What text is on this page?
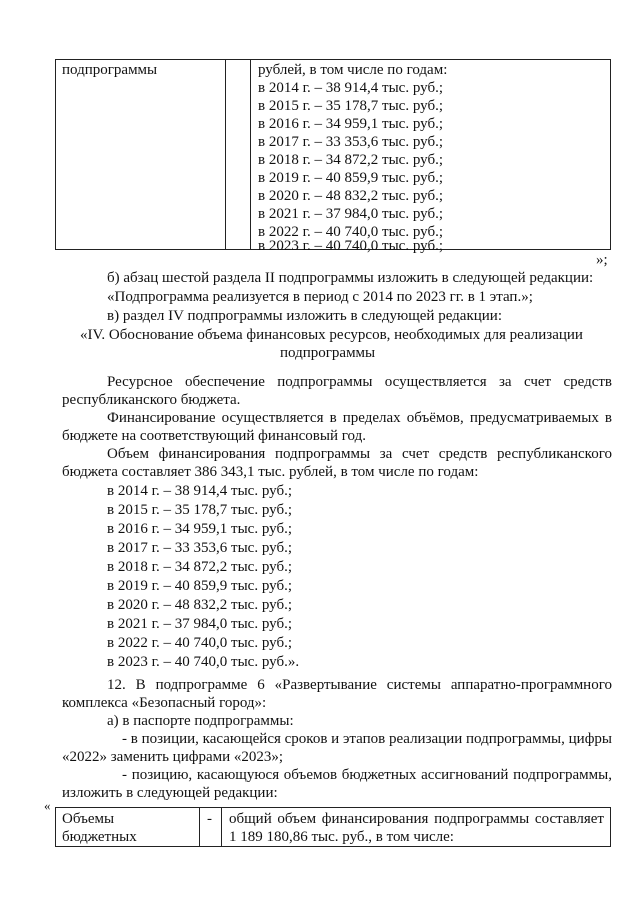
подпрограммы	рублей, в том числе по годам:
в 2014 г. – 38 914,4 тыс. руб.;
в 2015 г. – 35 178,7 тыс. руб.;
в 2016 г. – 34 959,1 тыс. руб.;
в 2017 г. – 33 353,6 тыс. руб.;
в 2018 г. – 34 872,2 тыс. руб.;
в 2019 г. – 40 859,9 тыс. руб.;
в 2020 г. – 48 832,2 тыс. руб.;
в 2021 г. – 37 984,0 тыс. руб.;
в 2022 г. – 40 740,0 тыс. руб.;
в 2023 г. – 40 740,0 тыс. руб.;
»;
б) абзац шестой раздела II подпрограммы изложить в следующей редакции:
«Подпрограмма реализуется в период с 2014 по 2023 гг. в 1 этап.»;
в) раздел IV подпрограммы изложить в следующей редакции:
«IV. Обоснование объема финансовых ресурсов, необходимых для реализации
подпрограммы
Ресурсное обеспечение подпрограммы осуществляется за счет средств
республиканского бюджета.
Финансирование осуществляется в пределах объёмов, предусматриваемых в
бюджете на соответствующий финансовый год.
Объем финансирования подпрограммы за счет средств республиканского
бюджета составляет 386 343,1 тыс. рублей, в том числе по годам:
в 2014 г. – 38 914,4 тыс. руб.;
в 2015 г. – 35 178,7 тыс. руб.;
в 2016 г. – 34 959,1 тыс. руб.;
в 2017 г. – 33 353,6 тыс. руб.;
в 2018 г. – 34 872,2 тыс. руб.;
в 2019 г. – 40 859,9 тыс. руб.;
в 2020 г. – 48 832,2 тыс. руб.;
в 2021 г. – 37 984,0 тыс. руб.;
в 2022 г. – 40 740,0 тыс. руб.;
в 2023 г. – 40 740,0 тыс. руб.».
12. В подпрограмме 6 «Развертывание системы аппаратно-программного
комплекса «Безопасный город»:
а) в паспорте подпрограммы:
- в позиции, касающейся сроков и этапов реализации подпрограммы, цифры
«2022» заменить цифрами «2023»;
- позицию, касающуюся объемов бюджетных ассигнований подпрограммы,
изложить в следующей редакции:
«
Объемы
бюджетных
- общий объем финансирования подпрограммы составляет
1 189 180,86 тыс. руб., в том числе:
